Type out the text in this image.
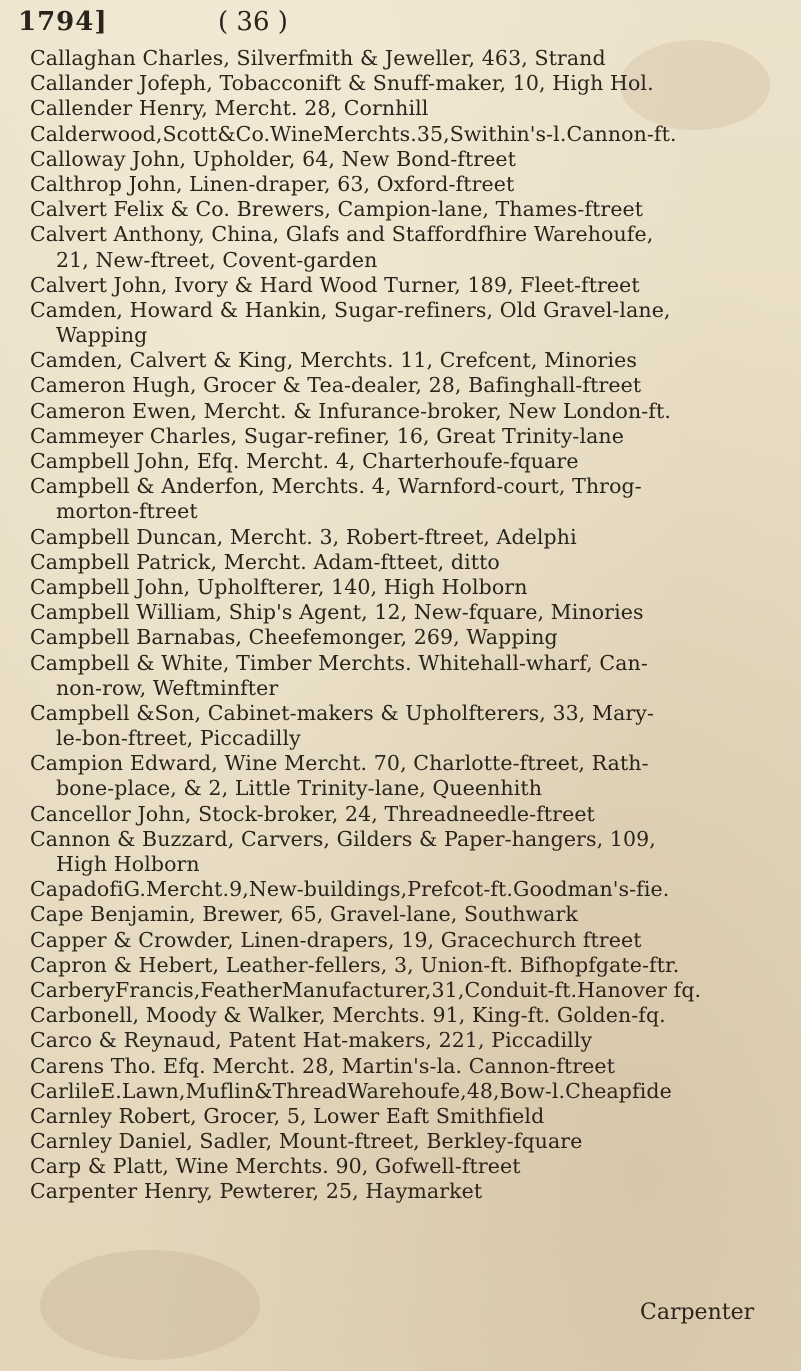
1794]	( 36 )
Callaghan Charles, Silverfmith & Jeweller, 463, Strand
Callander Jofeph, Tobacconift & Snuff-maker, 10, High Hol.
Callender Henry, Mercht. 28, Cornhill
Calderwood,Scott&Co.WineMerchts.35,Swithin's-l.Cannon-ft.
Calloway John, Upholder, 64, New Bond-ftreet
Calthrop John, Linen-draper, 63, Oxford-ftreet
Calvert Felix & Co. Brewers, Campion-lane, Thames-ftreet
Calvert Anthony, China, Glafs and Staffordfhire Warehoufe,
21, New-ftreet, Covent-garden
Calvert John, Ivory & Hard Wood Turner, 189, Fleet-ftreet
Camden, Howard & Hankin, Sugar-refiners, Old Gravel-lane,
Wapping
Camden, Calvert & King, Merchts. 11, Crefcent, Minories
Cameron Hugh, Grocer & Tea-dealer, 28, Bafinghall-ftreet
Cameron Ewen, Mercht. & Infurance-broker, New London-ft.
Cammeyer Charles, Sugar-refiner, 16, Great Trinity-lane
Campbell John, Efq. Mercht. 4, Charterhoufe-fquare
Campbell & Anderfon, Merchts. 4, Warnford-court, Throg-
morton-ftreet
Campbell Duncan, Mercht. 3, Robert-ftreet, Adelphi
Campbell Patrick, Mercht. Adam-ftteet, ditto
Campbell John, Upholfterer, 140, High Holborn
Campbell William, Ship's Agent, 12, New-fquare, Minories
Campbell Barnabas, Cheefemonger, 269, Wapping
Campbell & White, Timber Merchts. Whitehall-wharf, Can-
non-row, Weftminfter
Campbell &Son, Cabinet-makers & Upholfterers, 33, Mary-
le-bon-ftreet, Piccadilly
Campion Edward, Wine Mercht. 70, Charlotte-ftreet, Rath-
bone-place, & 2, Little Trinity-lane, Queenhith
Cancellor John, Stock-broker, 24, Threadneedle-ftreet
Cannon & Buzzard, Carvers, Gilders & Paper-hangers, 109,
High Holborn
CapadofiG.Mercht.9,New-buildings,Prefcot-ft.Goodman's-fie.
Cape Benjamin, Brewer, 65, Gravel-lane, Southwark
Capper & Crowder, Linen-drapers, 19, Gracechurch ftreet
Capron & Hebert, Leather-fellers, 3, Union-ft. Bifhopfgate-ftr.
CarberyFrancis,FeatherManufacturer,31,Conduit-ft.Hanover fq.
Carbonell, Moody & Walker, Merchts. 91, King-ft. Golden-fq.
Carco & Reynaud, Patent Hat-makers, 221, Piccadilly
Carens Tho. Efq. Mercht. 28, Martin's-la. Cannon-ftreet
CarlileE.Lawn,Muflin&ThreadWarehoufe,48,Bow-l.Cheapfide
Carnley Robert, Grocer, 5, Lower Eaft Smithfield
Carnley Daniel, Sadler, Mount-ftreet, Berkley-fquare
Carp & Platt, Wine Merchts. 90, Gofwell-ftreet
Carpenter Henry, Pewterer, 25, Haymarket
Carpenter
